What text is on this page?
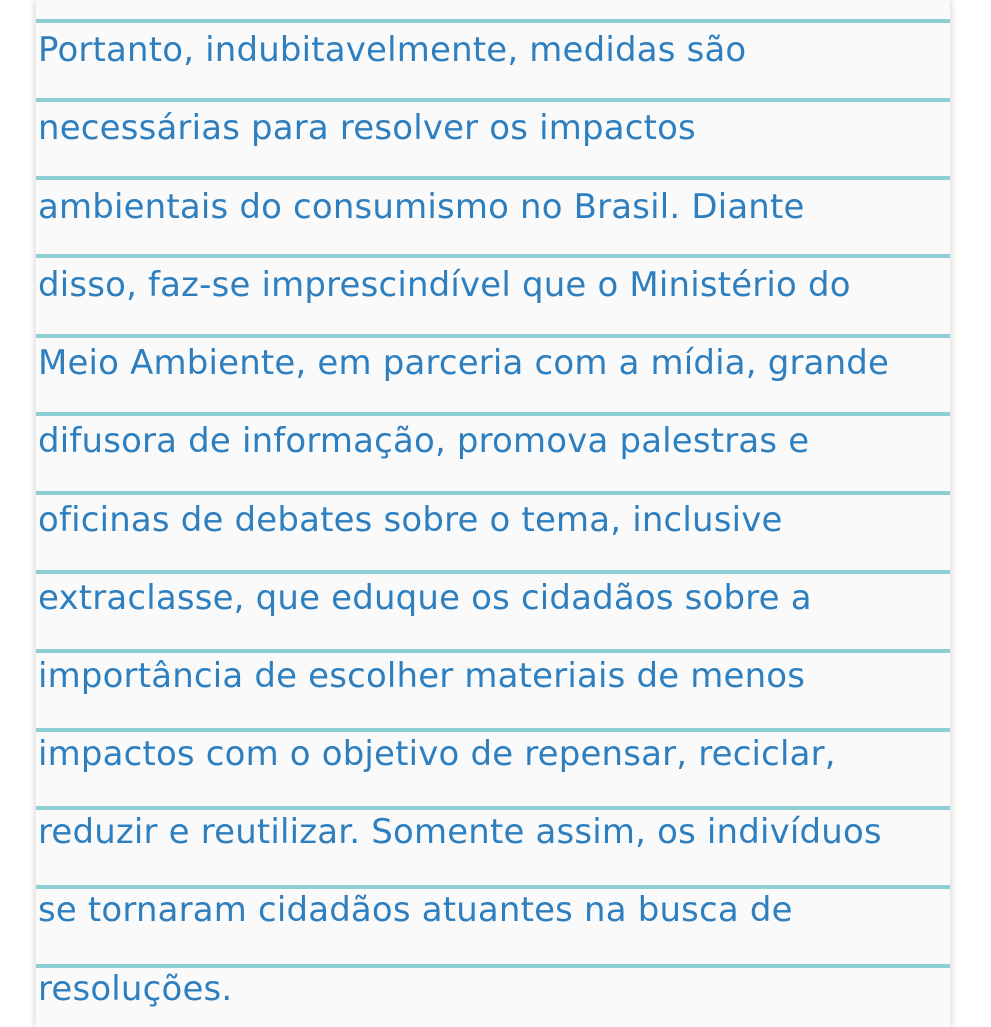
Portanto, indubitavelmente, medidas são
necessárias para resolver os impactos
ambientais do consumismo no Brasil. Diante
disso, faz-se imprescindível que o Ministério do
Meio Ambiente, em parceria com a mídia, grande
difusora de informação, promova palestras e
oficinas de debates sobre o tema, inclusive
extraclasse, que eduque os cidadãos sobre a
importância de escolher materiais de menos
impactos com o objetivo de repensar, reciclar,
reduzir e reutilizar. Somente assim, os indivíduos
se tornaram cidadãos atuantes na busca de
resoluções.
